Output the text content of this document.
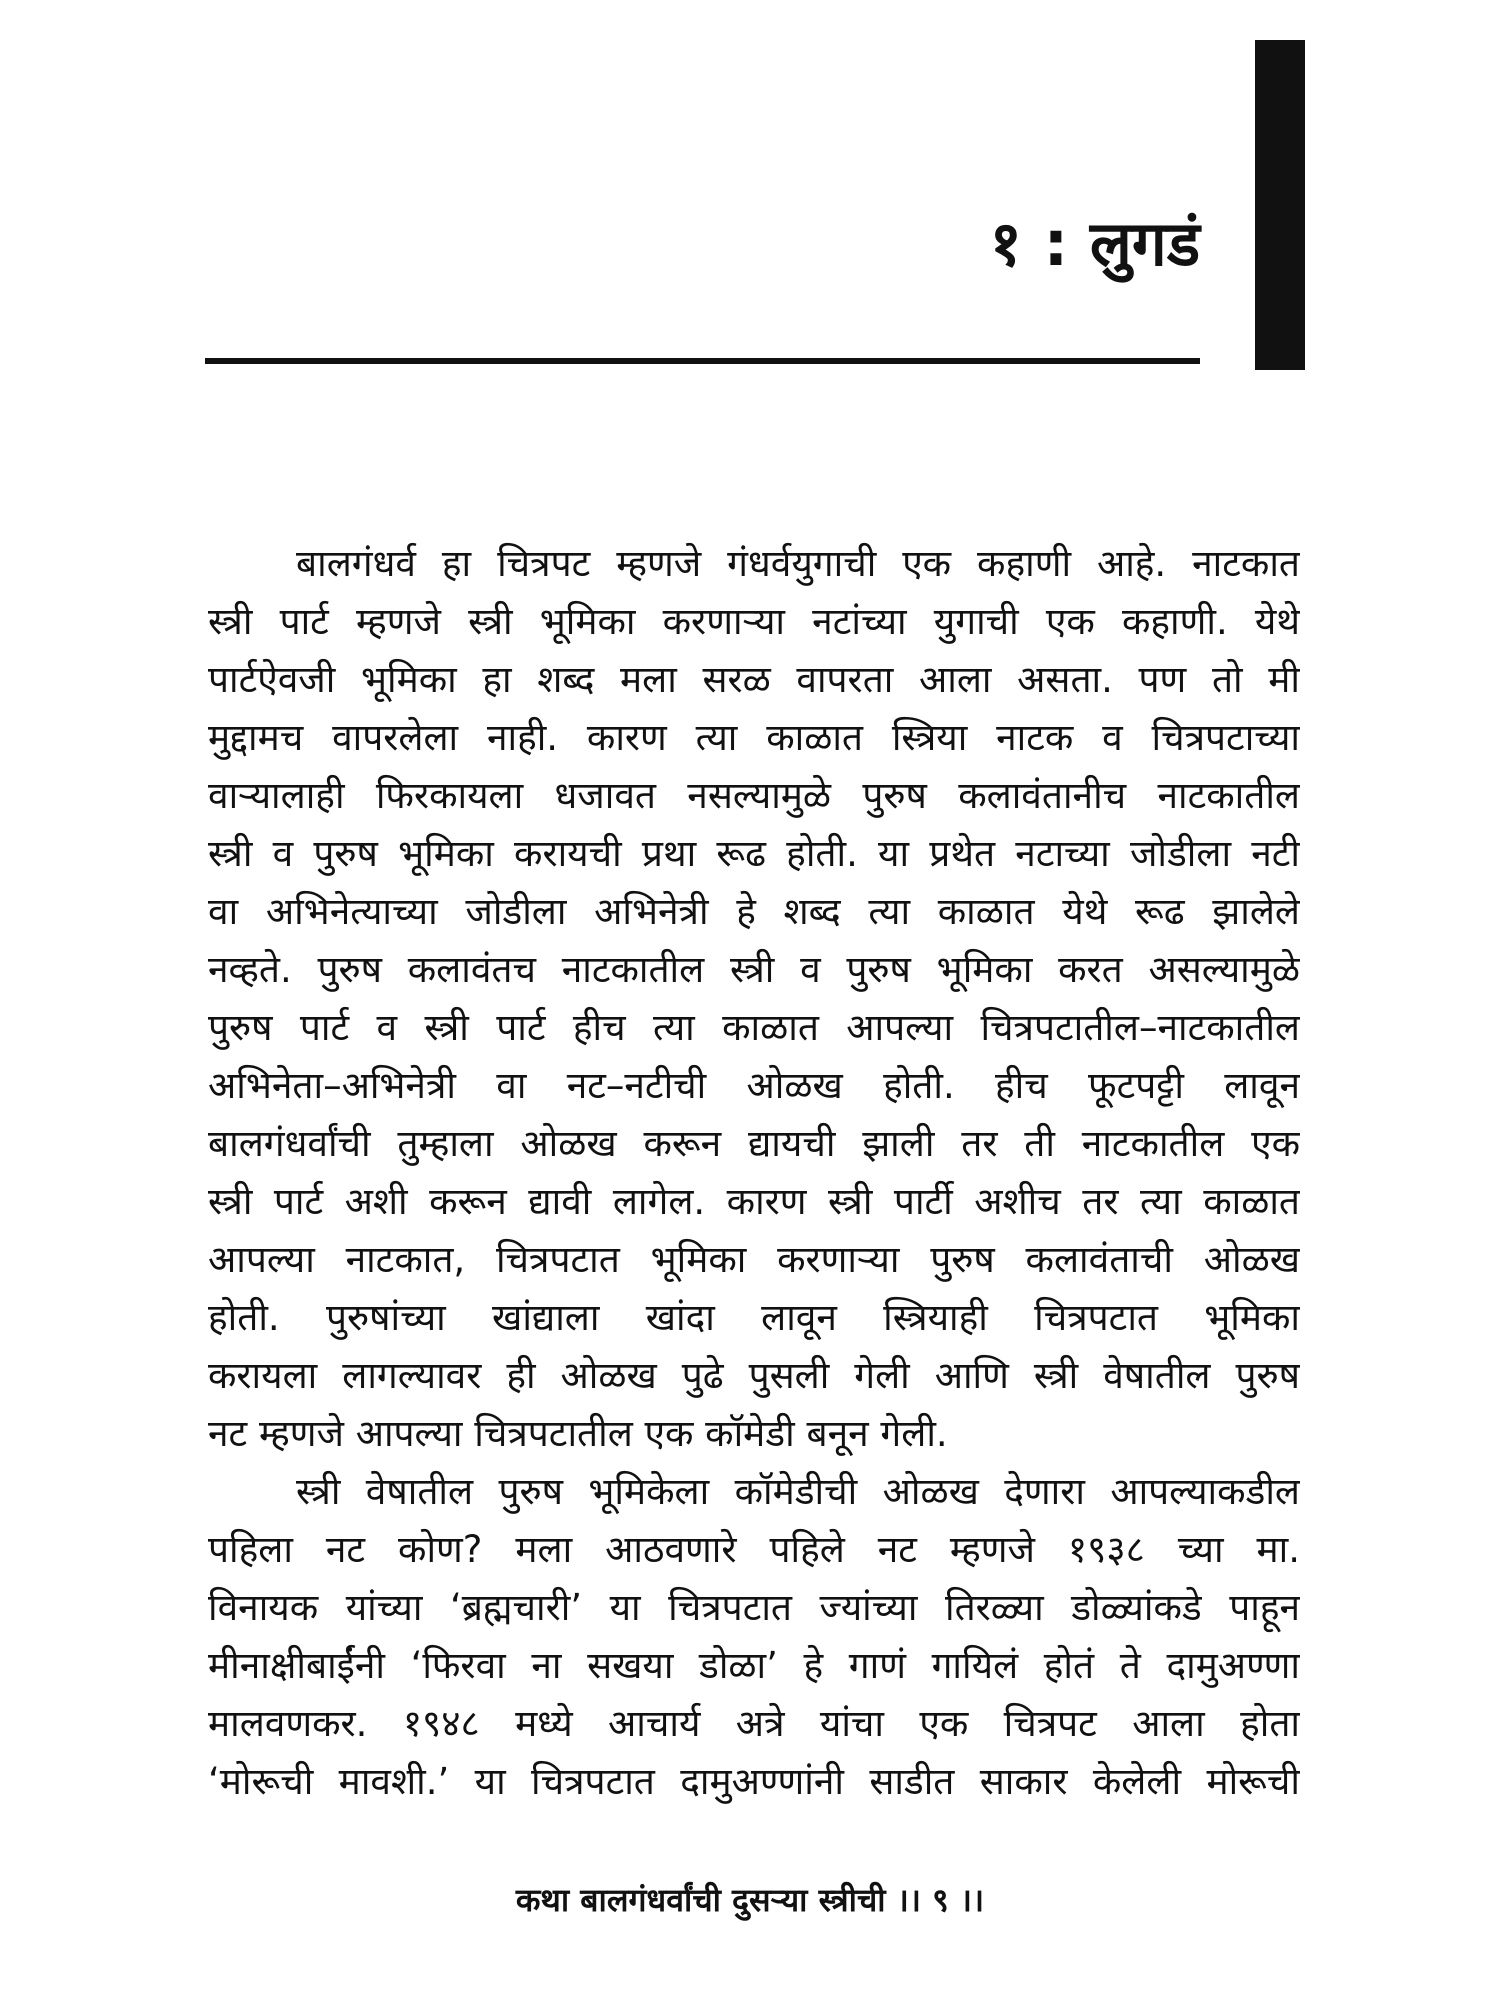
१ : लुगडं
बालगंधर्व हा चित्रपट म्हणजे गंधर्वयुगाची एक कहाणी आहे. नाटकात
स्त्री पार्ट म्हणजे स्त्री भूमिका करणाऱ्या नटांच्या युगाची एक कहाणी. येथे
पार्टऐवजी भूमिका हा शब्द मला सरळ वापरता आला असता. पण तो मी
मुद्दामच वापरलेला नाही. कारण त्या काळात स्त्रिया नाटक व चित्रपटाच्या
वाऱ्यालाही फिरकायला धजावत नसल्यामुळे पुरुष कलावंतानीच नाटकातील
स्त्री व पुरुष भूमिका करायची प्रथा रूढ होती. या प्रथेत नटाच्या जोडीला नटी
वा अभिनेत्याच्या जोडीला अभिनेत्री हे शब्द त्या काळात येथे रूढ झालेले
नव्हते. पुरुष कलावंतच नाटकातील स्त्री व पुरुष भूमिका करत असल्यामुळे
पुरुष पार्ट व स्त्री पार्ट हीच त्या काळात आपल्या चित्रपटातील–नाटकातील
अभिनेता–अभिनेत्री वा नट–नटीची ओळख होती. हीच फूटपट्टी लावून
बालगंधर्वांची तुम्हाला ओळख करून द्यायची झाली तर ती नाटकातील एक
स्त्री पार्ट अशी करून द्यावी लागेल. कारण स्त्री पार्टी अशीच तर त्या काळात
आपल्या नाटकात, चित्रपटात भूमिका करणाऱ्या पुरुष कलावंताची ओळख
होती. पुरुषांच्या खांद्याला खांदा लावून स्त्रियाही चित्रपटात भूमिका
करायला लागल्यावर ही ओळख पुढे पुसली गेली आणि स्त्री वेषातील पुरुष
नट म्हणजे आपल्या चित्रपटातील एक कॉमेडी बनून गेली.
स्त्री वेषातील पुरुष भूमिकेला कॉमेडीची ओळख देणारा आपल्याकडील
पहिला नट कोण? मला आठवणारे पहिले नट म्हणजे १९३८ च्या मा.
विनायक यांच्या ‘ब्रह्मचारी’ या चित्रपटात ज्यांच्या तिरळ्या डोळ्यांकडे पाहून
मीनाक्षीबाईंनी ‘फिरवा ना सखया डोळा’ हे गाणं गायिलं होतं ते दामुअण्णा
मालवणकर. १९४८ मध्ये आचार्य अत्रे यांचा एक चित्रपट आला होता
‘मोरूची मावशी.’ या चित्रपटात दामुअण्णांनी साडीत साकार केलेली मोरूची
कथा बालगंधर्वांची दुसऱ्या स्त्रीची ।। ९ ।।
